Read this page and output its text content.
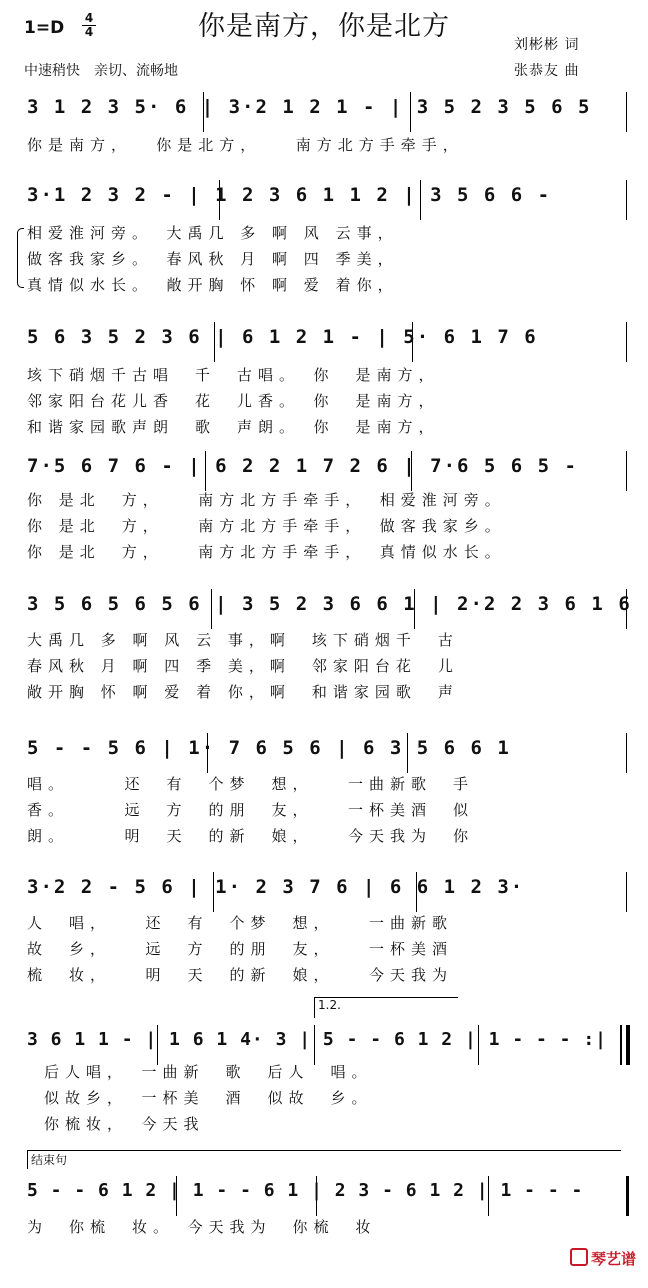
1=D 4
4	你是南方，你是北方
刘彬彬 词
张恭友 曲
中速稍快　亲切、流畅地
3 1 2 3 5· 6 | 3·2 1 2 1 - | 3 5 2 3 5 6 5
你是南方，　 你是北方，　　南方北方手牵手，
3·1 2 3 2 - | 1 2 3 6 1 1 2 | 3 5 6 6 -
相爱淮河旁。　大禹几 多 啊 风 云事，
做客我家乡。　春风秋 月 啊 四 季美，
真情似水长。　敞开胸 怀 啊 爱 着你，
5 6 3 5 2 3 6 | 6 1 2 1 - | 5· 6 1 7 6
垓下硝烟千古唱　千　古唱。　你　是南方，
邻家阳台花儿香　花　儿香。　你　是南方，
和谐家园歌声朗　歌　声朗。　你　是南方，
7·5 6 7 6 - | 6 2 2 1 7 2 6 | 7·6 5 6 5 -
你 是北　方，　　南方北方手牵手，　相爱淮河旁。
你 是北　方，　　南方北方手牵手，　做客我家乡。
你 是北　方，　　南方北方手牵手，　真情似水长。
3 5 6 5 6 5 6 | 3 5 2 3 6 6 1 | 2·2 2 3 6 1 6
大禹几 多 啊 风 云 事，啊　垓下硝烟千　古
春风秋 月 啊 四 季 美，啊　邻家阳台花　儿
敞开胸 怀 啊 爱 着 你，啊　和谐家园歌　声
5 - - 5 6 | 1· 7 6 5 6 | 6 3 5 6 6 1
唱。　　　还　有　个梦　想，　　一曲新歌　手
香。　　　远　方　的朋　友，　　一杯美酒　似
朗。　　　明　天　的新　娘，　　今天我为　你
3·2 2 - 5 6 | 1· 2 3 7 6 | 6 6 1 2 3·
人　唱，　　还　有　个梦　想，　　一曲新歌
故　乡，　　远　方　的朋　友，　　一杯美酒
梳　妆，　　明　天　的新　娘，　　今天我为
1.2.
3 6 1 1 - | 1 6 1 4· 3 | 5 - - 6 1 2 | 1 - - - :|
后人唱，　一曲新　歌　后人　唱。
似故乡，　一杯美　酒　似故　乡。
你梳妆，　今天我
结束句
5 - - 6 1 2 | 1 - - 6 1 | 2 3 - 6 1 2 | 1 - - -
为　你梳　妆。　今天我为　你梳　妆
琴艺谱
